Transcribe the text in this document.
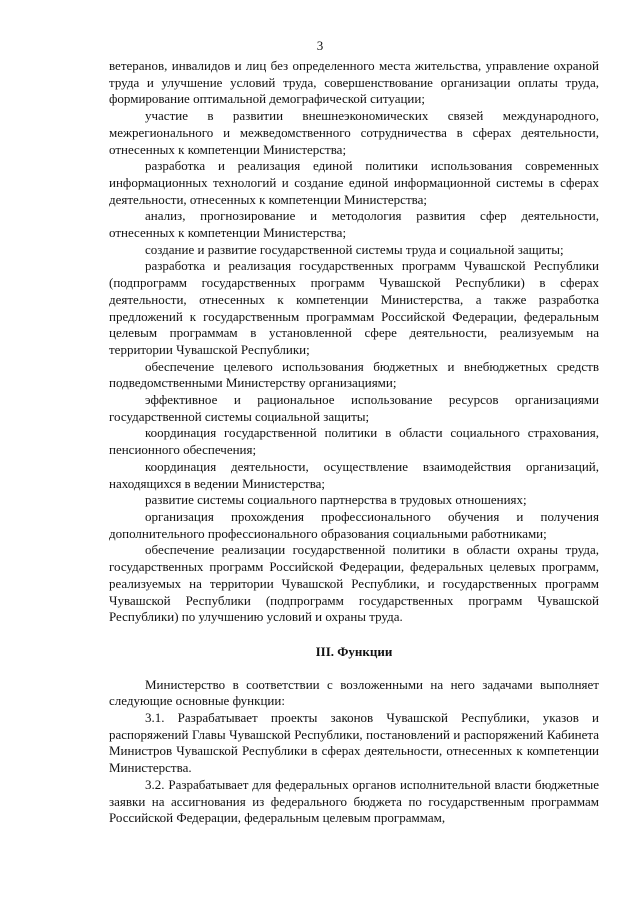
3

ветеранов, инвалидов и лиц без определенного места жительства, управление охраной труда и улучшение условий труда, совершенствование организации оплаты труда, формирование оптимальной демографической ситуации;

участие в развитии внешнеэкономических связей международного, межрегионального и межведомственного сотрудничества в сферах деятельности, отнесенных к компетенции Министерства;

разработка и реализация единой политики использования современных информационных технологий и создание единой информационной системы в сферах деятельности, отнесенных к компетенции Министерства;

анализ, прогнозирование и методология развития сфер деятельности, отнесенных к компетенции Министерства;

создание и развитие государственной системы труда и социальной защиты;

разработка и реализация государственных программ Чувашской Республики (подпрограмм государственных программ Чувашской Республики) в сферах деятельности, отнесенных к компетенции Министерства, а также разработка предложений к государственным программам Российской Федерации, федеральным целевым программам в установленной сфере деятельности, реализуемым на территории Чувашской Республики;

обеспечение целевого использования бюджетных и внебюджетных средств подведомственными Министерству организациями;

эффективное и рациональное использование ресурсов организациями государственной системы социальной защиты;

координация государственной политики в области социального страхования, пенсионного обеспечения;

координация деятельности, осуществление взаимодействия организаций, находящихся в ведении Министерства;

развитие системы социального партнерства в трудовых отношениях;

организация прохождения профессионального обучения и получения дополнительного профессионального образования социальными работниками;

обеспечение реализации государственной политики в области охраны труда, государственных программ Российской Федерации, федеральных целевых программ, реализуемых на территории Чувашской Республики, и государственных программ Чувашской Республики (подпрограмм государственных программ Чувашской Республики) по улучшению условий и охраны труда.

III. Функции

Министерство в соответствии с возложенными на него задачами выполняет следующие основные функции:

3.1. Разрабатывает проекты законов Чувашской Республики, указов и распоряжений Главы Чувашской Республики, постановлений и распоряжений Кабинета Министров Чувашской Республики в сферах деятельности, отнесенных к компетенции Министерства.

3.2. Разрабатывает для федеральных органов исполнительной власти бюджетные заявки на ассигнования из федерального бюджета по государственным программам Российской Федерации, федеральным целевым программам,
